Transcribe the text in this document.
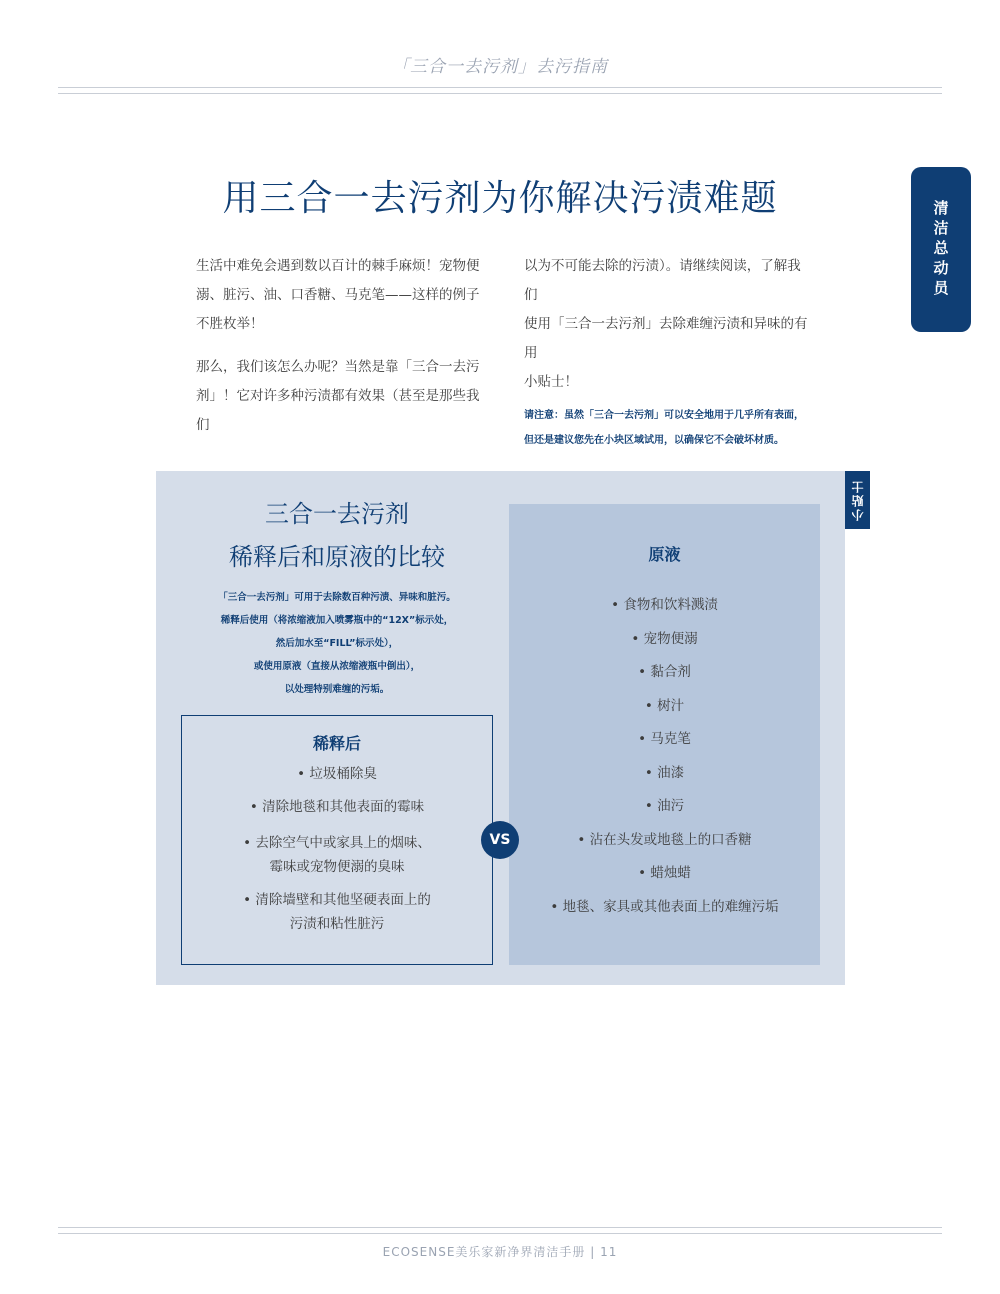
「三合一去污剂」去污指南
清洁总动员
用三合一去污剂为你解决污渍难题

生活中难免会遇到数以百计的棘手麻烦！宠物便

溺、脏污、油、口香糖、马克笔——这样的例子

不胜枚举！

那么，我们该怎么办呢？当然是靠「三合一去污

剂」！它对许多种污渍都有效果（甚至是那些我们

以为不可能去除的污渍）。请继续阅读，了解我们

使用「三合一去污剂」去除难缠污渍和异味的有用

小贴士！

请注意：虽然「三合一去污剂」可以安全地用于几乎所有表面，
但还是建议您先在小块区域试用，以确保它不会破坏材质。
小贴士
三合一去污剂
稀释后和原液的比较
「三合一去污剂」可用于去除数百种污渍、异味和脏污。
稀释后使用（将浓缩液加入喷雾瓶中的“12X”标示处，
然后加水至“FILL”标示处），
或使用原液（直接从浓缩液瓶中倒出），
以处理特别难缠的污垢。
稀释后
• 垃圾桶除臭
• 清除地毯和其他表面的霉味
• 去除空气中或家具上的烟味、
霉味或宠物便溺的臭味
• 清除墙壁和其他坚硬表面上的
污渍和粘性脏污
原液
• 食物和饮料溅渍
• 宠物便溺
• 黏合剂
• 树汁
• 马克笔
• 油漆
• 油污
• 沾在头发或地毯上的口香糖
• 蜡烛蜡
• 地毯、家具或其他表面上的难缠污垢
VS
ECOSENSE美乐家新净界清洁手册 | 11
